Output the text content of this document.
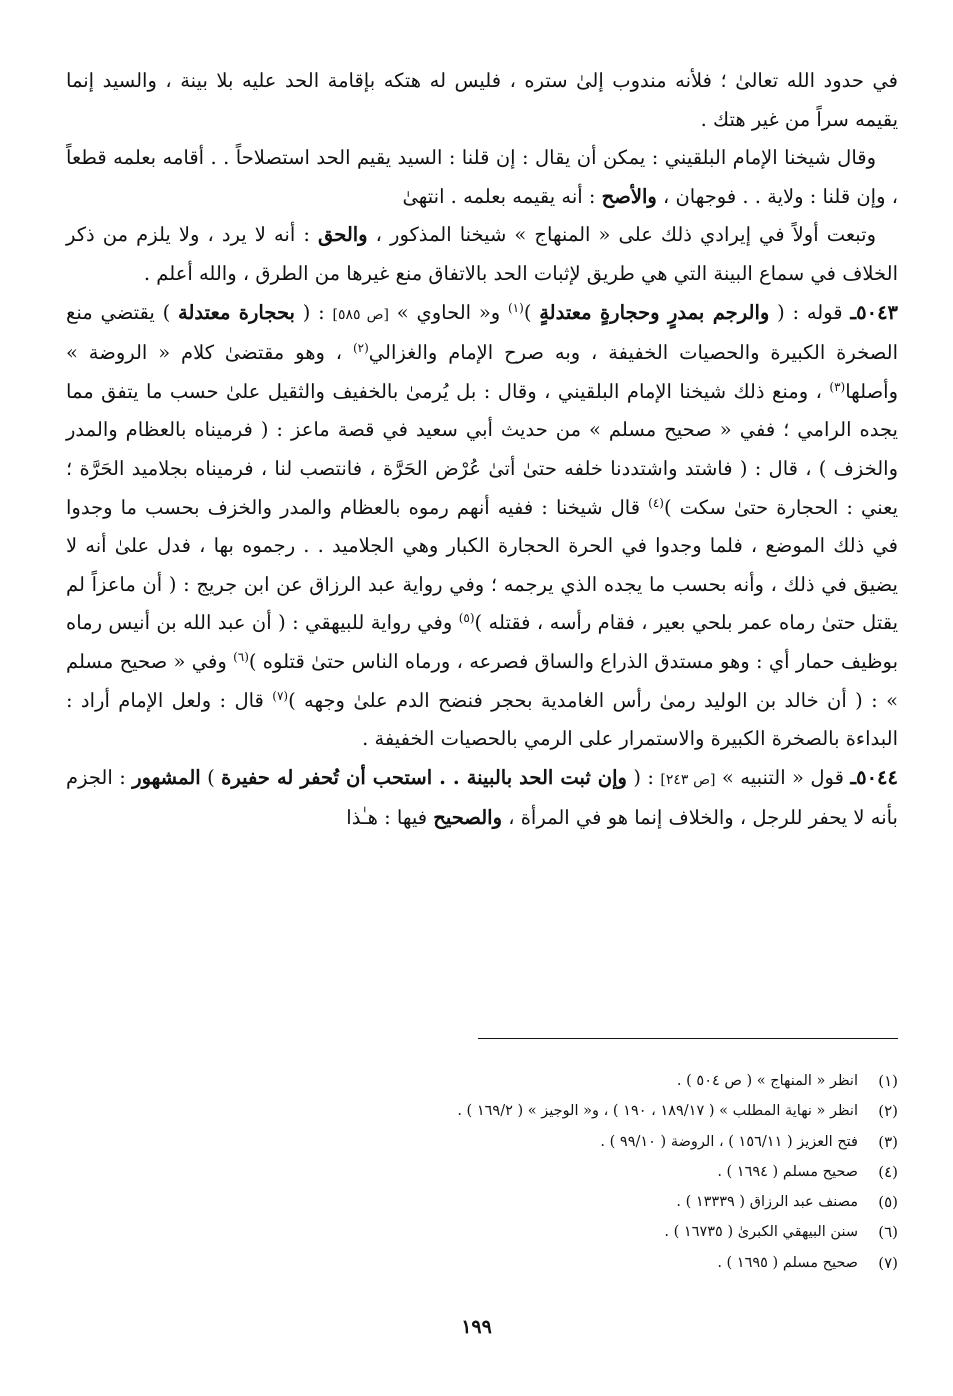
في حدود الله تعالىٰ ؛ فلأنه مندوب إلىٰ ستره ، فليس له هتكه بإقامة الحد عليه بلا بينة ، والسيد إنما يقيمه سراً من غير هتك .

وقال شيخنا الإمام البلقيني : يمكن أن يقال : إن قلنا : السيد يقيم الحد استصلاحاً . . أقامه بعلمه قطعاً ، وإن قلنا : ولاية . . فوجهان ، والأصح : أنه يقيمه بعلمه . انتهىٰ

وتبعت أولاً في إيرادي ذلك على « المنهاج » شيخنا المذكور ، والحق : أنه لا يرد ، ولا يلزم من ذكر الخلاف في سماع البينة التي هي طريق لإثبات الحد بالاتفاق منع غيرها من الطرق ، والله أعلم .

٥٠٤٣ـ قوله : ( والرجم بمدرٍ وحجارةٍ معتدلةٍ )$^{(١)}$ و« الحاوي » [ص ٥٨٥] : ( بحجارة معتدلة ) يقتضي منع الصخرة الكبيرة والحصيات الخفيفة ، وبه صرح الإمام والغزالي$^{(٢)}$ ، وهو مقتضىٰ كلام « الروضة » وأصلها$^{(٣)}$ ، ومنع ذلك شيخنا الإمام البلقيني ، وقال : بل يُرمىٰ بالخفيف والثقيل علىٰ حسب ما يتفق مما يجده الرامي ؛ ففي « صحيح مسلم » من حديث أبي سعيد في قصة ماعز : ( فرميناه بالعظام والمدر والخزف ) ، قال : ( فاشتد واشتددنا خلفه حتىٰ أتىٰ عُرْض الحَرَّة ، فانتصب لنا ، فرميناه بجلاميد الحَرَّة ؛ يعني : الحجارة حتىٰ سكت )$^{(٤)}$ قال شيخنا : ففيه أنهم رموه بالعظام والمدر والخزف بحسب ما وجدوا في ذلك الموضع ، فلما وجدوا في الحرة الحجارة الكبار وهي الجلاميد . . رجموه بها ، فدل علىٰ أنه لا يضيق في ذلك ، وأنه بحسب ما يجده الذي يرجمه ؛ وفي رواية عبد الرزاق عن ابن جريج : ( أن ماعزاً لم يقتل حتىٰ رماه عمر بلحي بعير ، فقام رأسه ، فقتله )$^{(٥)}$ وفي رواية للبيهقي : ( أن عبد الله بن أنيس رماه بوظيف حمار أي : وهو مستدق الذراع والساق فصرعه ، ورماه الناس حتىٰ قتلوه )$^{(٦)}$ وفي « صحيح مسلم » : ( أن خالد بن الوليد رمىٰ رأس الغامدية بحجر فنضح الدم علىٰ وجهه )$^{(٧)}$ قال : ولعل الإمام أراد : البداءة بالصخرة الكبيرة والاستمرار على الرمي بالحصيات الخفيفة .

٥٠٤٤ـ قول « التنبيه » [ص ٢٤٣] : ( وإن ثبت الحد بالبينة . . استحب أن تُحفر له حفيرة ) المشهور : الجزم بأنه لا يحفر للرجل ، والخلاف إنما هو في المرأة ، والصحيح فيها : هـٰذا

(١)
انظر « المنهاج » ( ص ٥٠٤ ) .
(٢)
انظر « نهاية المطلب » ( ١٨٩/١٧ ، ١٩٠ ) ، و« الوجيز » ( ١٦٩/٢ ) .
(٣)
فتح العزيز ( ١٥٦/١١ ) ، الروضة ( ٩٩/١٠ ) .
(٤)
صحيح مسلم ( ١٦٩٤ ) .
(٥)
مصنف عبد الرزاق ( ١٣٣٣٩ ) .
(٦)
سنن البيهقي الكبرىٰ ( ١٦٧٣٥ ) .
(٧)
صحيح مسلم ( ١٦٩٥ ) .
١٩٩
